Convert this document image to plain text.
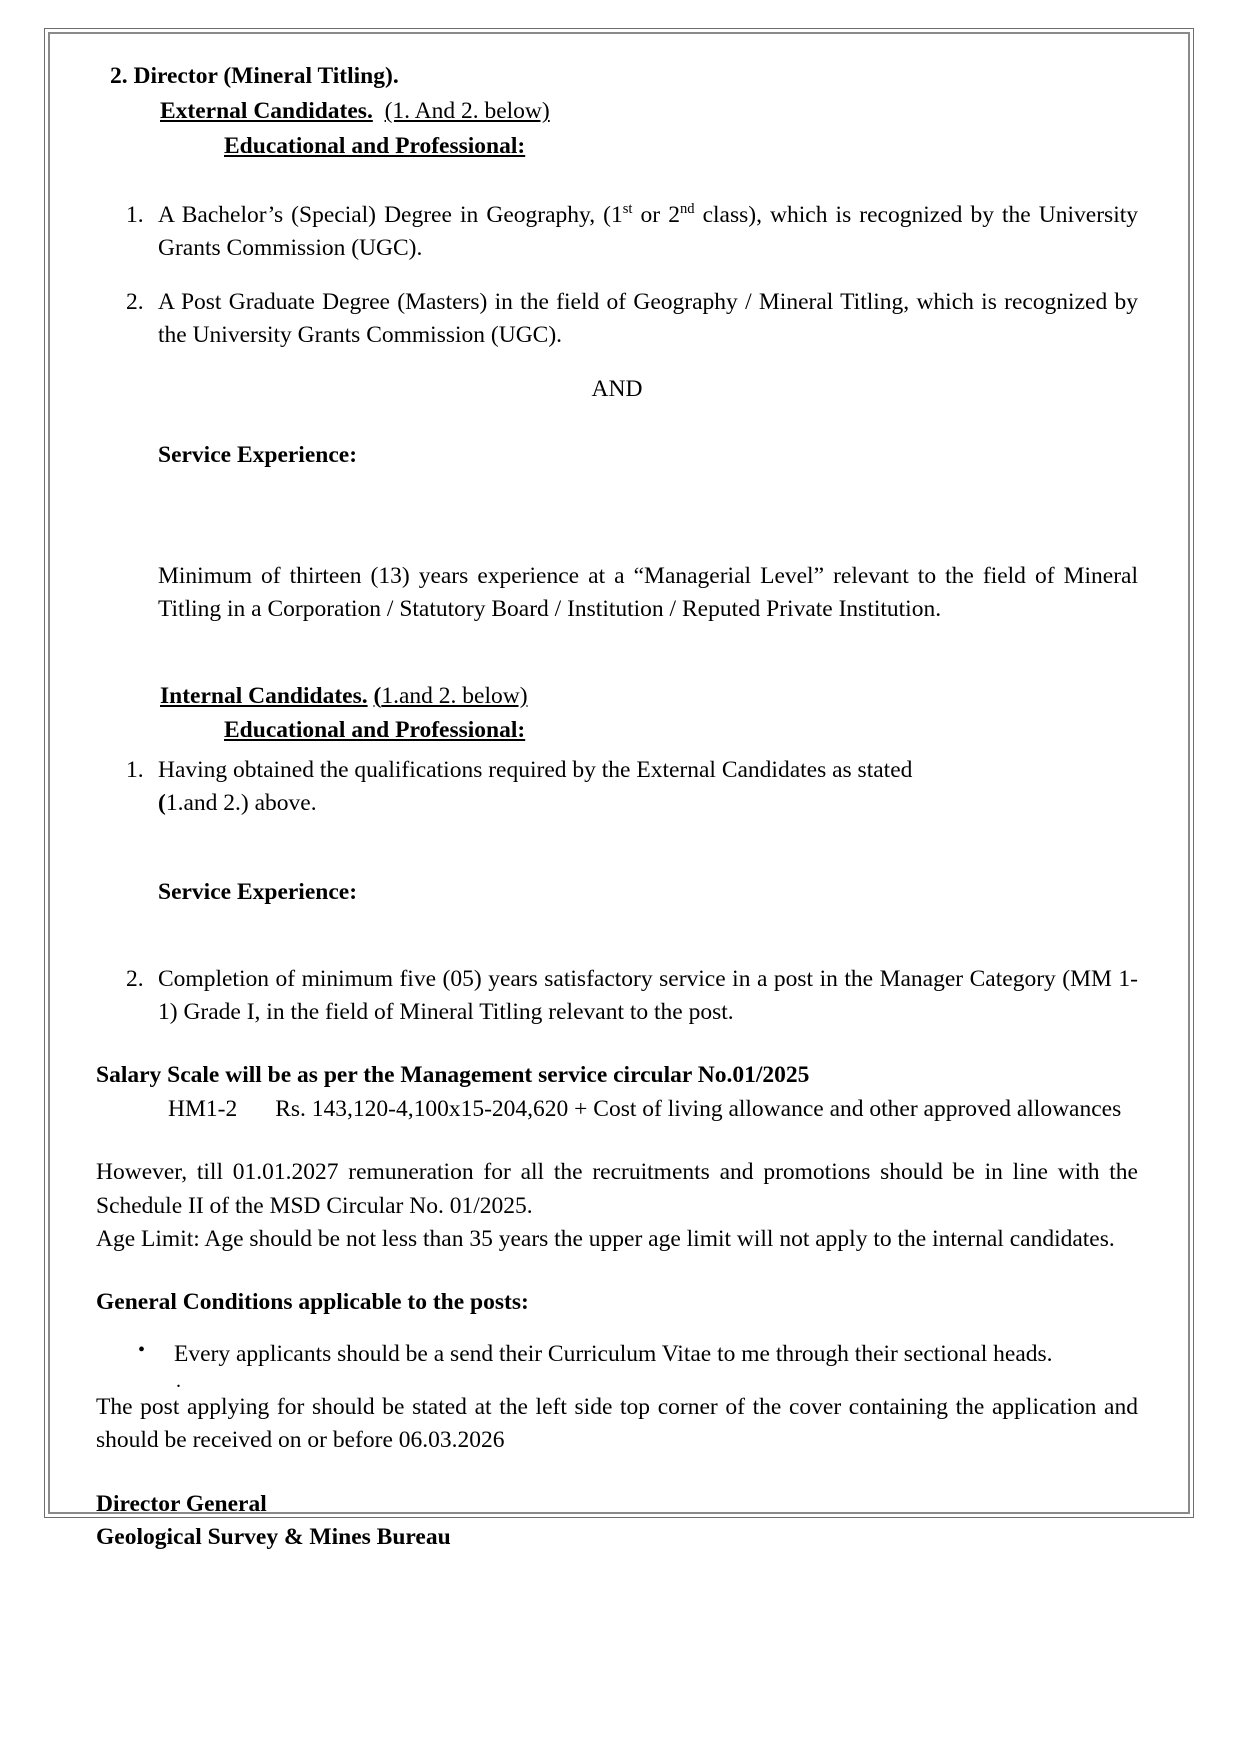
2. Director (Mineral Titling).

External Candidates. (1. And 2. below)

Educational and Professional:
1. A Bachelor’s (Special) Degree in Geography, (1st or 2nd class), which is recognized by the University Grants Commission (UGC).
2. A Post Graduate Degree (Masters) in the field of Geography / Mineral Titling, which is recognized by the University Grants Commission (UGC).

AND

Service Experience:

Minimum of thirteen (13) years experience at a “Managerial Level” relevant to the field of Mineral Titling in a Corporation / Statutory Board / Institution / Reputed Private Institution.

Internal Candidates. (1.and 2. below)

Educational and Professional:
1. Having obtained the qualifications required by the External Candidates as stated
(1.and 2.) above.

Service Experience:

2. Completion of minimum five (05) years satisfactory service in a post in the Manager Category (MM 1-1) Grade I, in the field of Mineral Titling relevant to the post.

Salary Scale will be as per the Management service circular No.01/2025

HM1-2 Rs. 143,120-4,100x15-204,620 + Cost of living allowance and other approved allowances

However, till 01.01.2027 remuneration for all the recruitments and promotions should be in line with the Schedule II of the MSD Circular No. 01/2025.

Age Limit: Age should be not less than 35 years the upper age limit will not apply to the internal candidates.

General Conditions applicable to the posts:

• Every applicants should be a send their Curriculum Vitae to me through their sectional heads.
.

The post applying for should be stated at the left side top corner of the cover containing the application and should be received on or before 06.03.2026

Director General
Geological Survey & Mines Bureau
